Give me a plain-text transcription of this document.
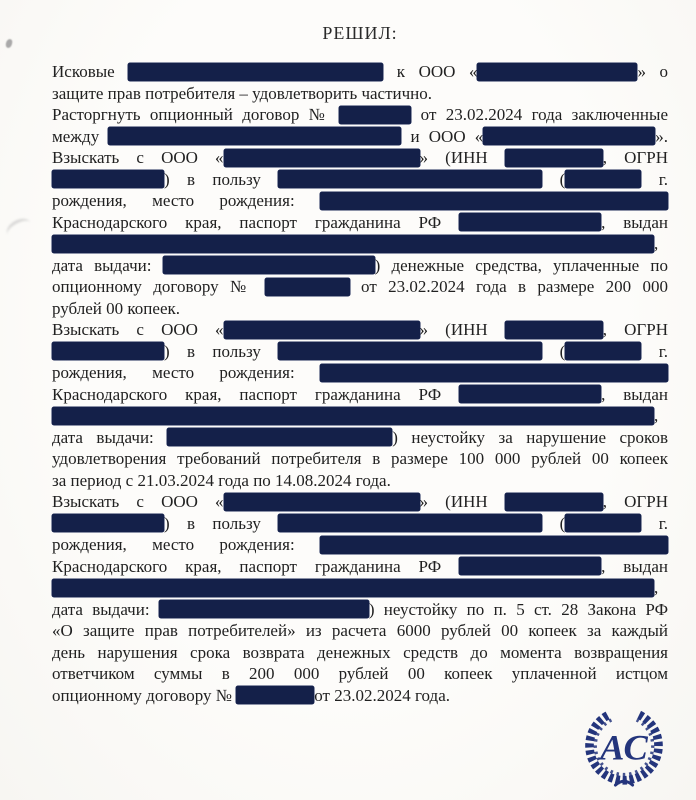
РЕШИЛ:
Исковые	к ООО «	» о
защите прав потребителя – удовлетворить частично.
Расторгнуть опционный договор №	от 23.02.2024 года заключенные
между	и ООО «	».
Взыскать с ООО «	» (ИНН	, ОГРН
) в пользу	(	г.
рождения, место рождения:
Краснодарского края, паспорт гражданина РФ	, выдан
,
дата выдачи:	) денежные средства, уплаченные по
опционному договору №	от 23.02.2024 года в размере 200 000
рублей 00 копеек.
Взыскать с ООО «	» (ИНН	, ОГРН
) в пользу	(	г.
рождения, место рождения:
Краснодарского края, паспорт гражданина РФ	, выдан
,
дата выдачи:	) неустойку за нарушение сроков
удовлетворения требований потребителя в размере 100 000 рублей 00 копеек
за период с 21.03.2024 года по 14.08.2024 года.
Взыскать с ООО «	» (ИНН	, ОГРН
) в пользу	(	г.
рождения, место рождения:
Краснодарского края, паспорт гражданина РФ	, выдан
,
дата выдачи:	) неустойку по п. 5 ст. 28 Закона РФ
«О защите прав потребителей» из расчета 6000 рублей 00 копеек за каждый
день нарушения срока возврата денежных средств до момента возвращения
ответчиком суммы в 200 000 рублей 00 копеек уплаченной истцом
опционному договору №	от 23.02.2024 года.
АС
